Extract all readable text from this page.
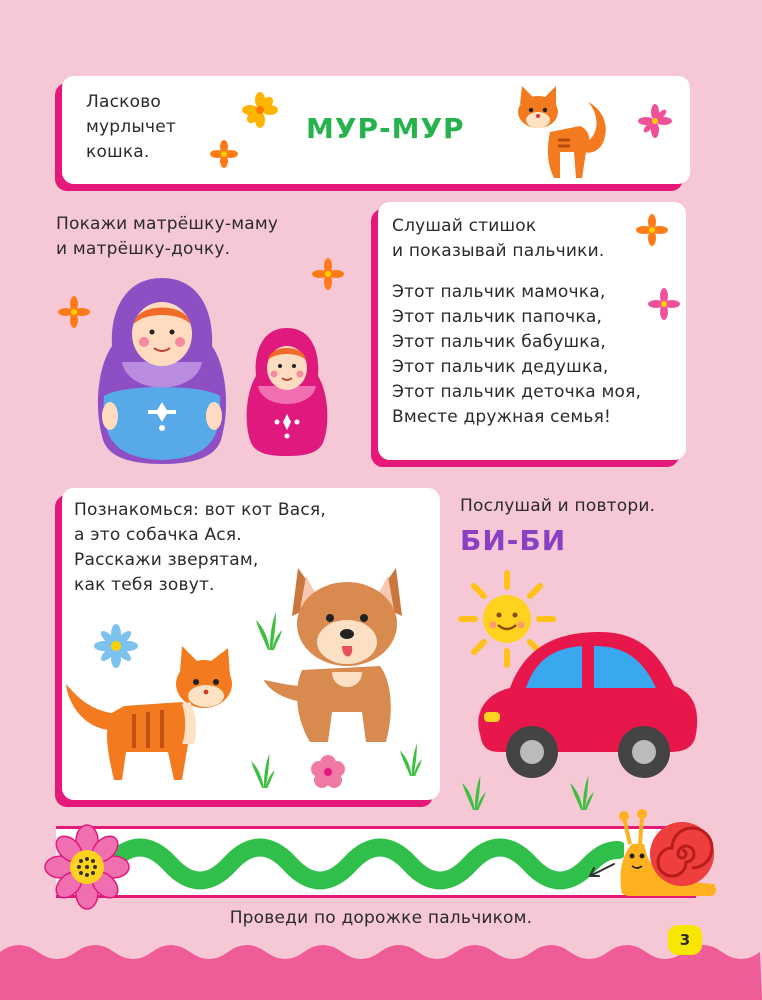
Ласково
мурлычет
кошка.
МУР-МУР
Покажи матрёшку-маму
и матрёшку-дочку.
Слушай стишок
и показывай пальчики.
Этот пальчик мамочка,
Этот пальчик папочка,
Этот пальчик бабушка,
Этот пальчик дедушка,
Этот пальчик деточка моя,
Вместе дружная семья!
Познакомься: вот кот Вася,
а это собачка Ася.
Расскажи зверятам,
как тебя зовут.
Послушай и повтори.
БИ-БИ
Проведи по дорожке пальчиком.
3
